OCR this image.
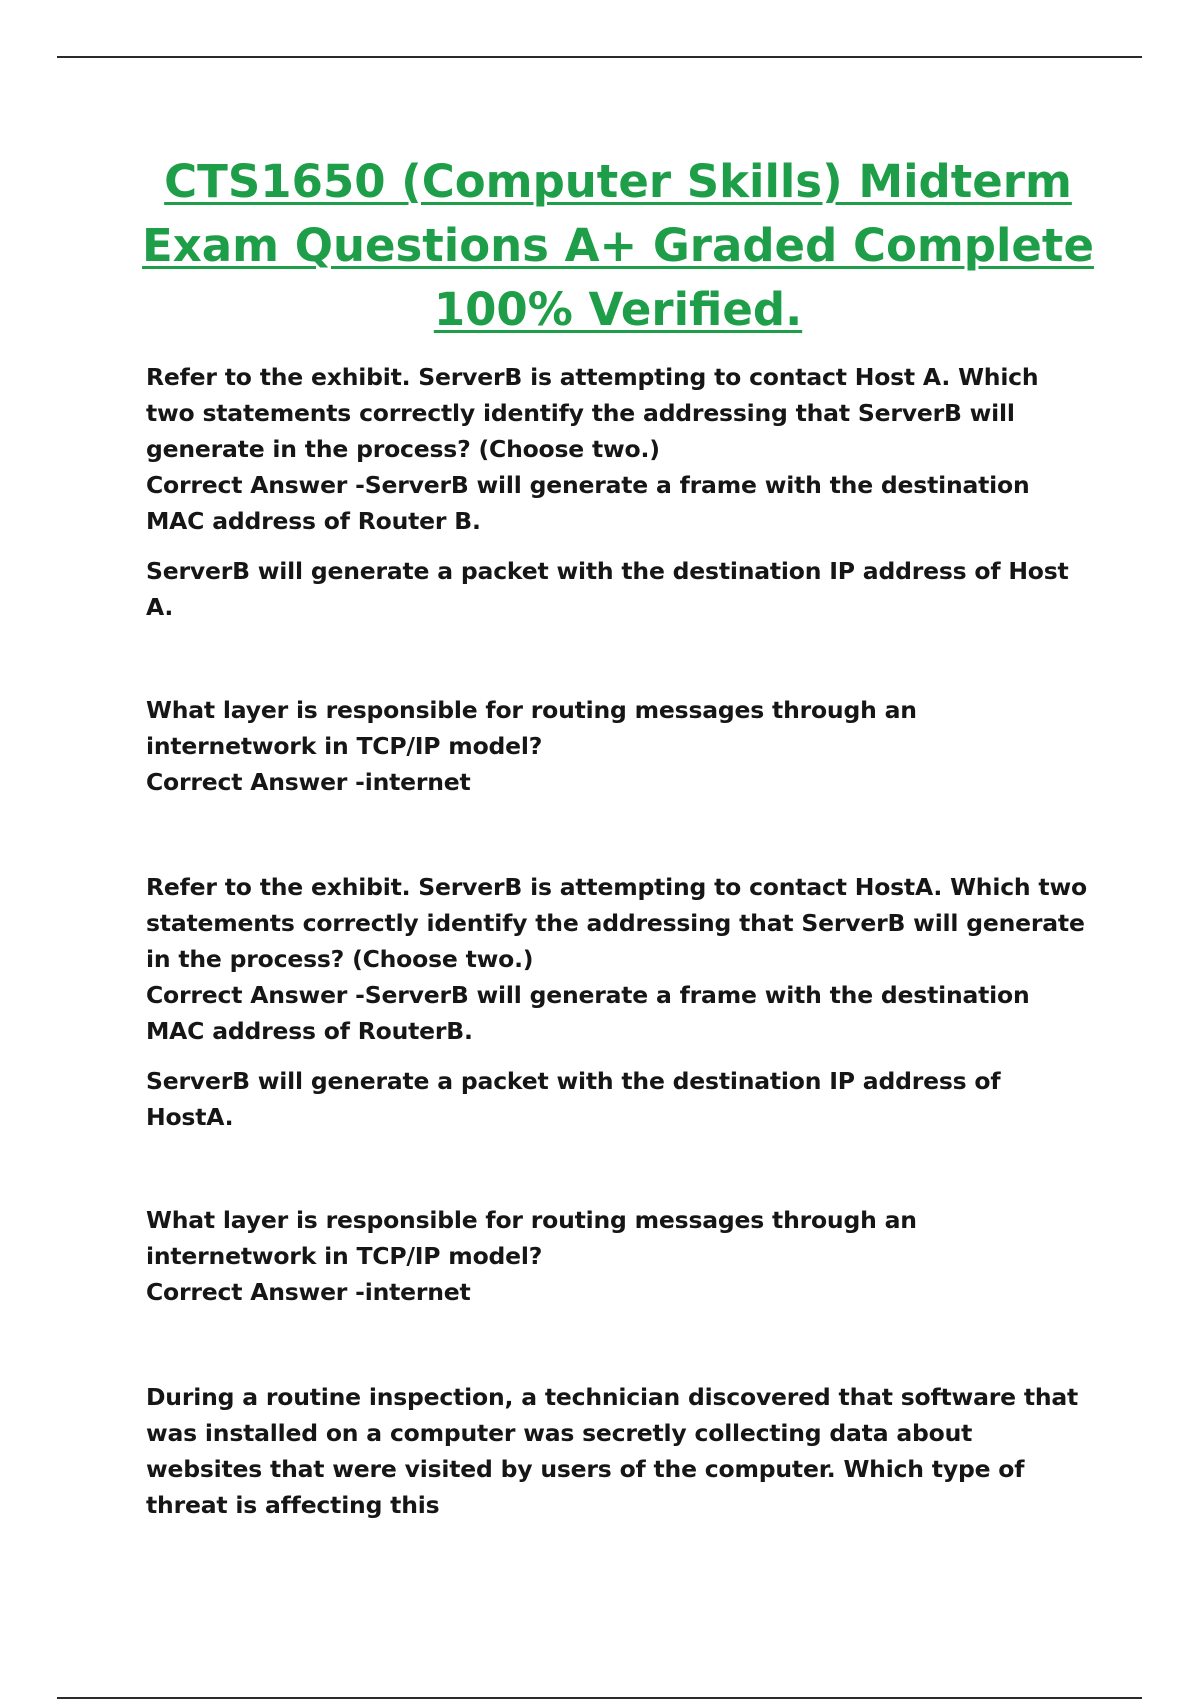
CTS1650 (Computer Skills) Midterm
Exam Questions A+ Graded Complete
100% Verified.

Refer to the exhibit. ServerB is attempting to contact Host A. Which two statements correctly identify the addressing that ServerB will generate in the process? (Choose two.)

Correct Answer -ServerB will generate a frame with the destination MAC address of Router B.

ServerB will generate a packet with the destination IP address of Host A.

What layer is responsible for routing messages through an internetwork in TCP/IP model?

Correct Answer -internet

Refer to the exhibit. ServerB is attempting to contact HostA. Which two statements correctly identify the addressing that ServerB will generate in the process? (Choose two.)

Correct Answer -ServerB will generate a frame with the destination MAC address of RouterB.

ServerB will generate a packet with the destination IP address of HostA.

What layer is responsible for routing messages through an internetwork in TCP/IP model?

Correct Answer -internet

During a routine inspection, a technician discovered that software that was installed on a computer was secretly collecting data about websites that were visited by users of the computer. Which type of threat is affecting this
